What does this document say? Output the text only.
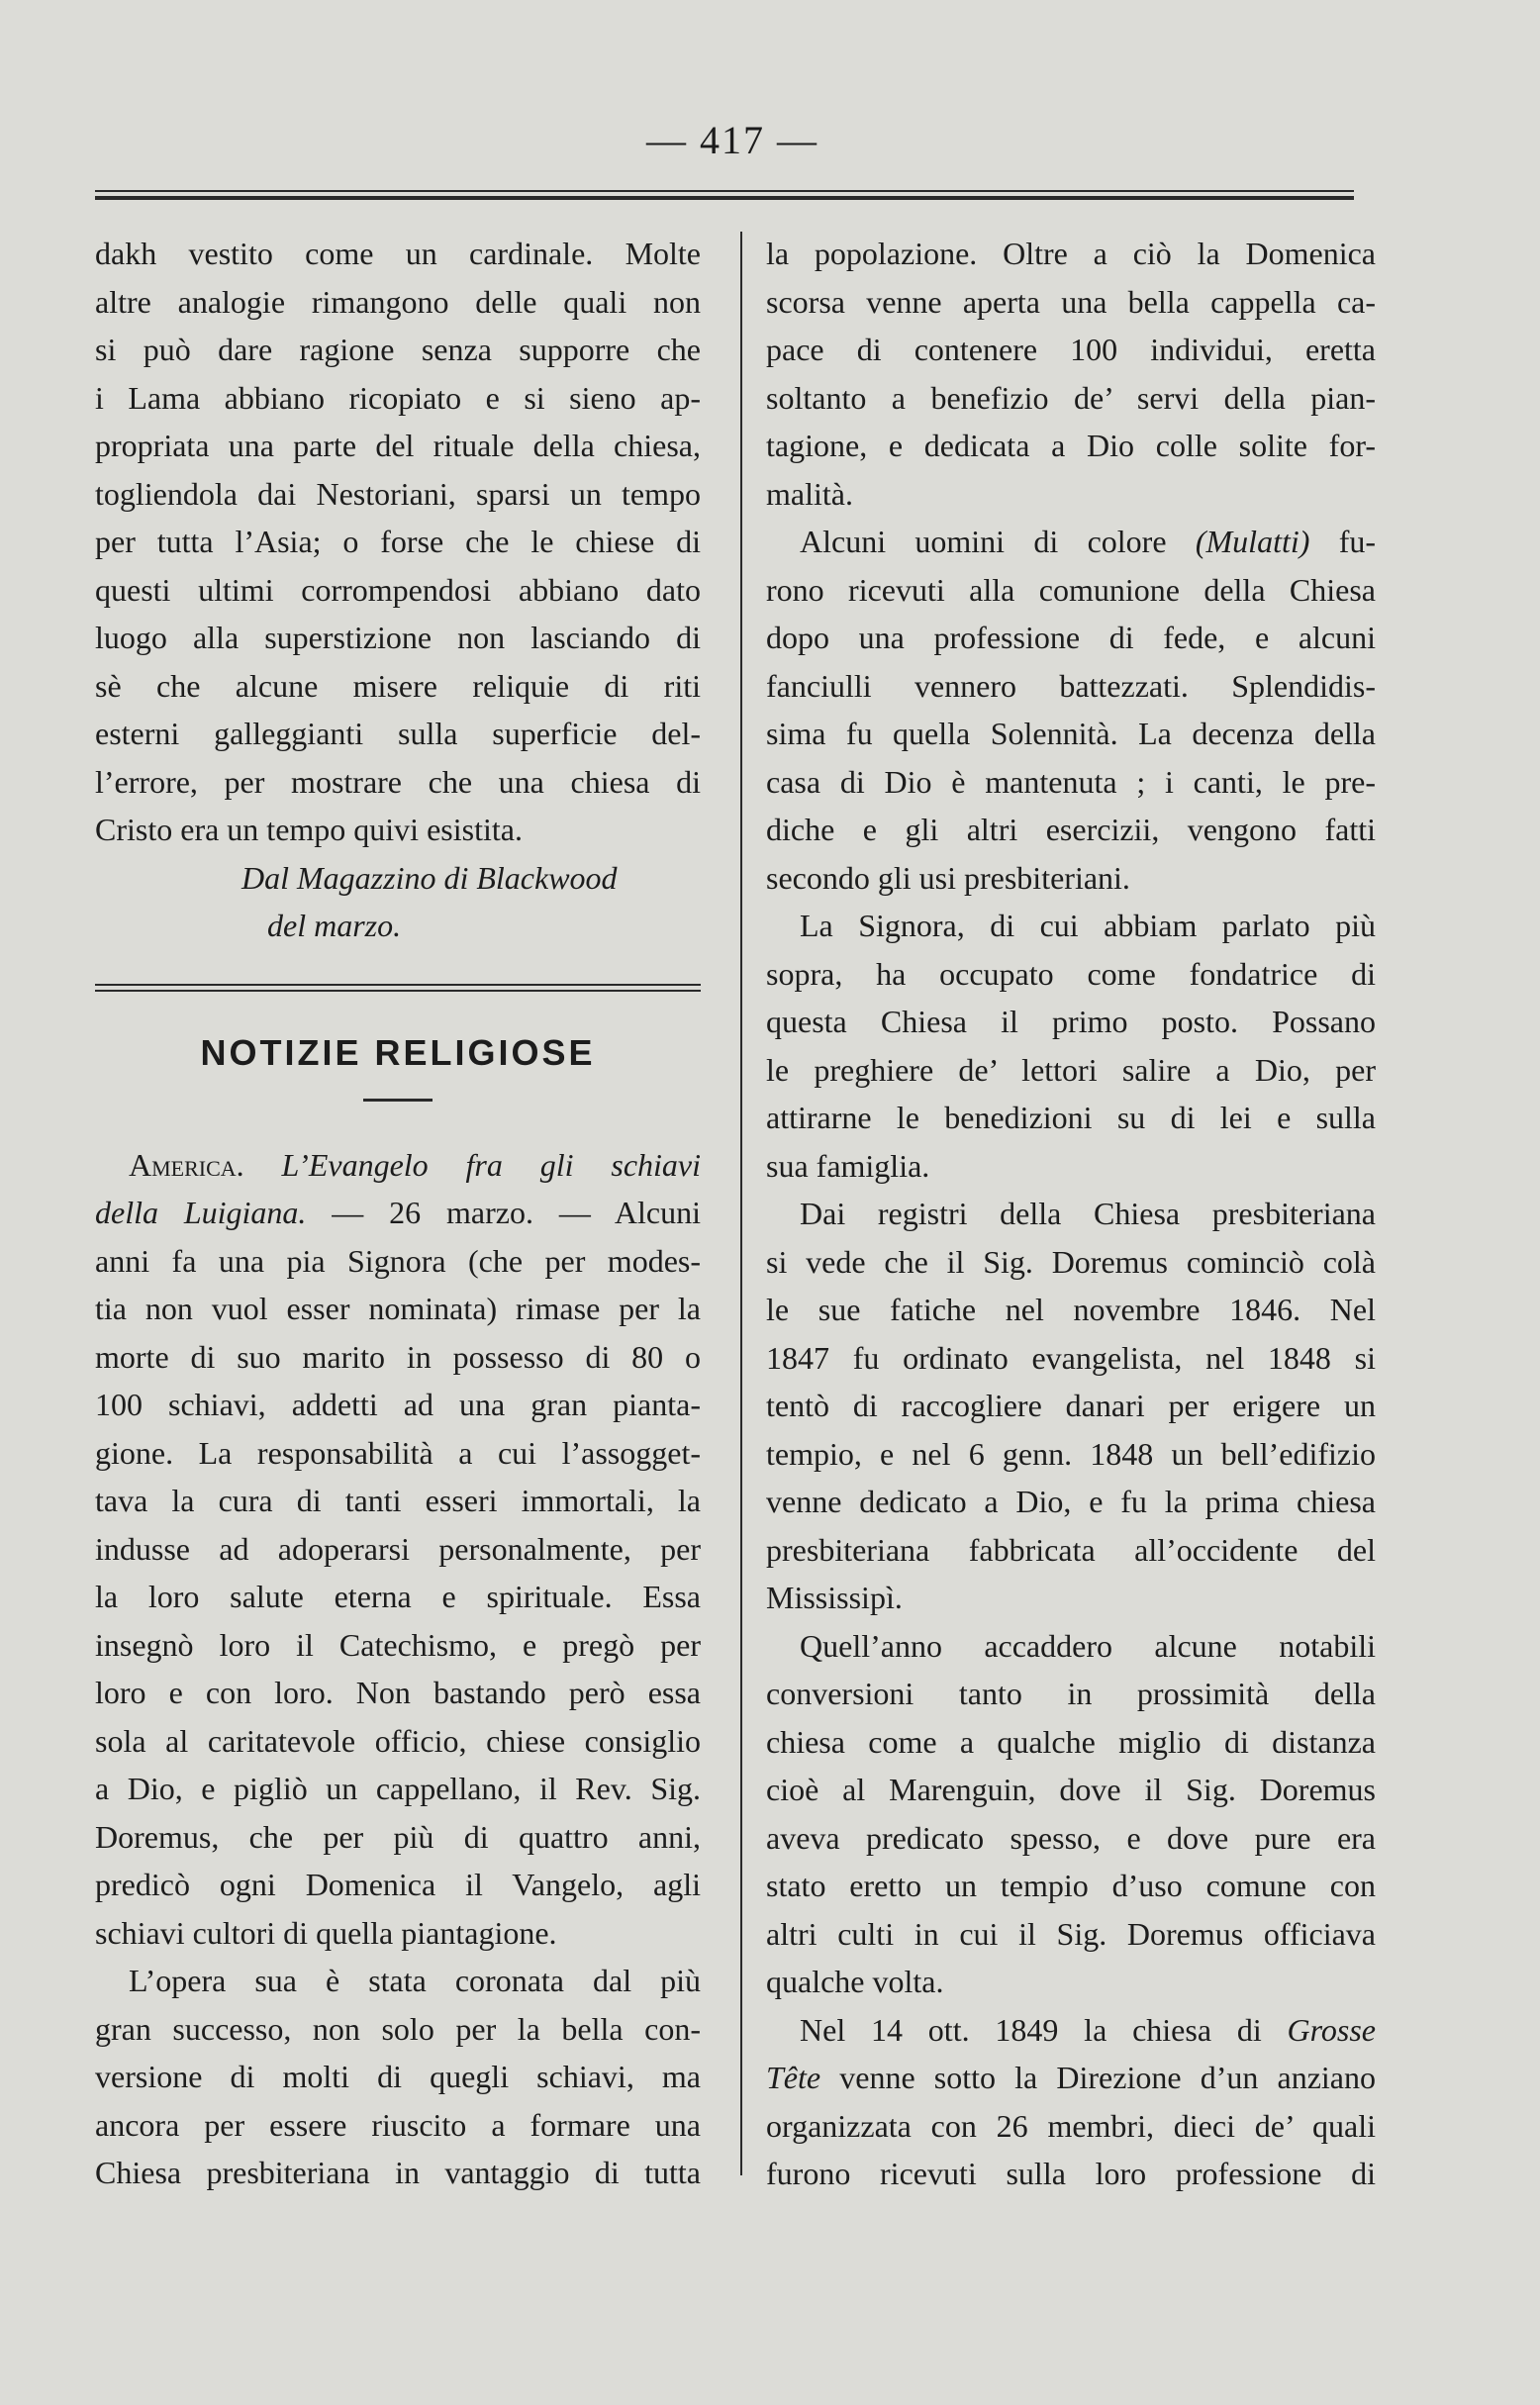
— 417 —
dakh vestito come un cardinale. Molte
altre analogie rimangono delle quali non
si può dare ragione senza supporre che
i Lama abbiano ricopiato e si sieno ap-
propriata una parte del rituale della chiesa,
togliendola dai Nestoriani, sparsi un tempo
per tutta l’Asia; o forse che le chiese di
questi ultimi corrompendosi abbiano dato
luogo alla superstizione non lasciando di
sè che alcune misere reliquie di riti
esterni galleggianti sulla superficie del-
l’errore, per mostrare che una chiesa di
Cristo era un tempo quivi esistita.
Dal Magazzino di Blackwood
del marzo.
NOTIZIE RELIGIOSE
America. L’Evangelo fra gli schiavi
della Luigiana. — 26 marzo. — Alcuni
anni fa una pia Signora (che per modes-
tia non vuol esser nominata) rimase per la
morte di suo marito in possesso di 80 o
100 schiavi, addetti ad una gran pianta-
gione. La responsabilità a cui l’assogget-
tava la cura di tanti esseri immortali, la
indusse ad adoperarsi personalmente, per
la loro salute eterna e spirituale. Essa
insegnò loro il Catechismo, e pregò per
loro e con loro. Non bastando però essa
sola al caritatevole officio, chiese consiglio
a Dio, e pigliò un cappellano, il Rev. Sig.
Doremus, che per più di quattro anni,
predicò ogni Domenica il Vangelo, agli
schiavi cultori di quella piantagione.
L’opera sua è stata coronata dal più
gran successo, non solo per la bella con-
versione di molti di quegli schiavi, ma
ancora per essere riuscito a formare una
Chiesa presbiteriana in vantaggio di tutta
la popolazione. Oltre a ciò la Domenica
scorsa venne aperta una bella cappella ca-
pace di contenere 100 individui, eretta
soltanto a benefizio de’ servi della pian-
tagione, e dedicata a Dio colle solite for-
malità.
Alcuni uomini di colore (Mulatti) fu-
rono ricevuti alla comunione della Chiesa
dopo una professione di fede, e alcuni
fanciulli vennero battezzati. Splendidis-
sima fu quella Solennità. La decenza della
casa di Dio è mantenuta ; i canti, le pre-
diche e gli altri esercizii, vengono fatti
secondo gli usi presbiteriani.
La Signora, di cui abbiam parlato più
sopra, ha occupato come fondatrice di
questa Chiesa il primo posto. Possano
le preghiere de’ lettori salire a Dio, per
attirarne le benedizioni su di lei e sulla
sua famiglia.
Dai registri della Chiesa presbiteriana
si vede che il Sig. Doremus cominciò colà
le sue fatiche nel novembre 1846. Nel
1847 fu ordinato evangelista, nel 1848 si
tentò di raccogliere danari per erigere un
tempio, e nel 6 genn. 1848 un bell’edifizio
venne dedicato a Dio, e fu la prima chiesa
presbiteriana fabbricata all’occidente del
Mississipì.
Quell’anno accaddero alcune notabili
conversioni tanto in prossimità della
chiesa come a qualche miglio di distanza
cioè al Marenguin, dove il Sig. Doremus
aveva predicato spesso, e dove pure era
stato eretto un tempio d’uso comune con
altri culti in cui il Sig. Doremus officiava
qualche volta.
Nel 14 ott. 1849 la chiesa di Grosse
Tête venne sotto la Direzione d’un anziano
organizzata con 26 membri, dieci de’ quali
furono ricevuti sulla loro professione di
